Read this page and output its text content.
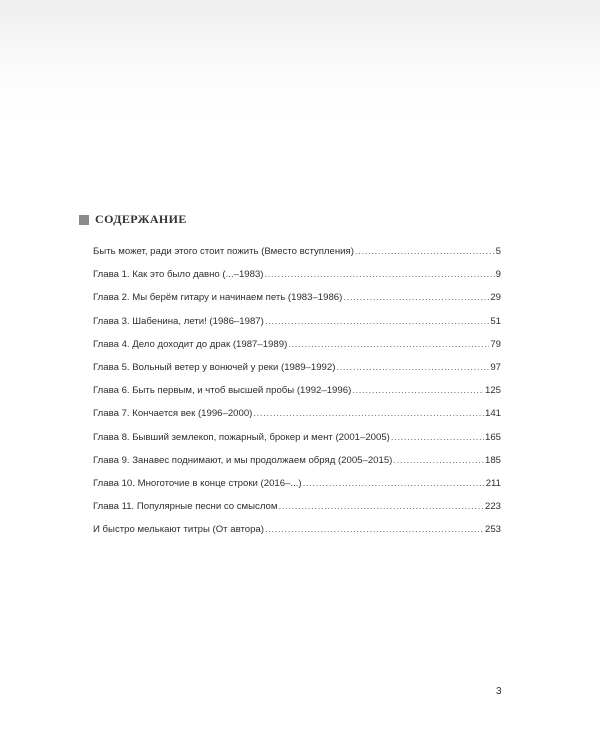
СОДЕРЖАНИЕ
Быть может, ради этого стоит пожить (Вместо вступления) .....	5
Глава 1. Как это было давно (...–1983) .....	9
Глава 2. Мы берём гитару и начинаем петь (1983–1986) .....	29
Глава 3. Шабенина, лети! (1986–1987) .....	51
Глава 4. Дело доходит до драк (1987–1989) .....	79
Глава 5. Вольный ветер у вонючей у реки (1989–1992) .....	97
Глава 6. Быть первым, и чтоб высшей пробы (1992–1996) .....	125
Глава 7. Кончается век (1996–2000) .....	141
Глава 8. Бывший землекоп, пожарный, брокер и мент (2001–2005) .....	165
Глава 9. Занавес поднимают, и мы продолжаем обряд (2005–2015) .....	185
Глава 10. Многоточие в конце строки (2016–...) .....	211
Глава 11. Популярные песни со смыслом .....	223
И быстро мелькают титры (От автора) .....	253
3
